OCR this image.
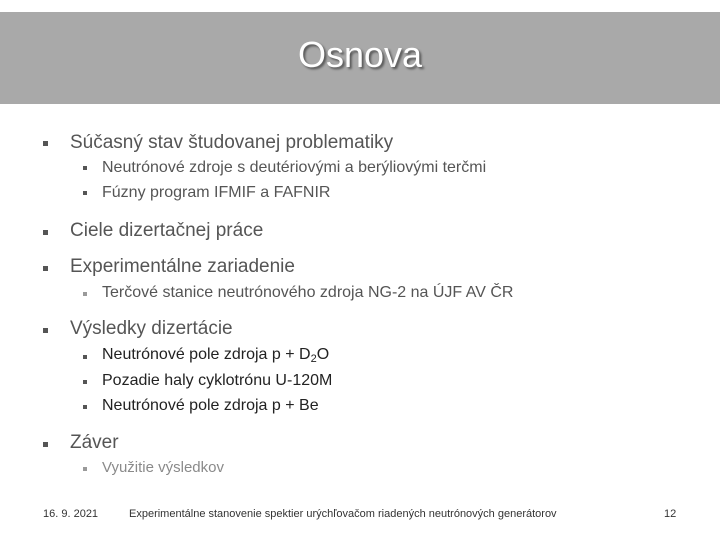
Osnova
Súčasný stav študovanej problematiky
Neutrónové zdroje s deutériovými a berýliovými terčmi
Fúzny program IFMIF a FAFNIR
Ciele dizertačnej práce
Experimentálne zariadenie
Terčové stanice neutrónového zdroja NG-2 na ÚJF AV ČR
Výsledky dizertácie
Neutrónové pole zdroja $p + D_2O$
Pozadie haly cyklotrónu U-120M
Neutrónové pole zdroja p + Be
Záver
Využitie výsledkov
16. 9. 2021	Experimentálne stanovenie spektier urýchľovačom riadených neutrónových generátorov	12
